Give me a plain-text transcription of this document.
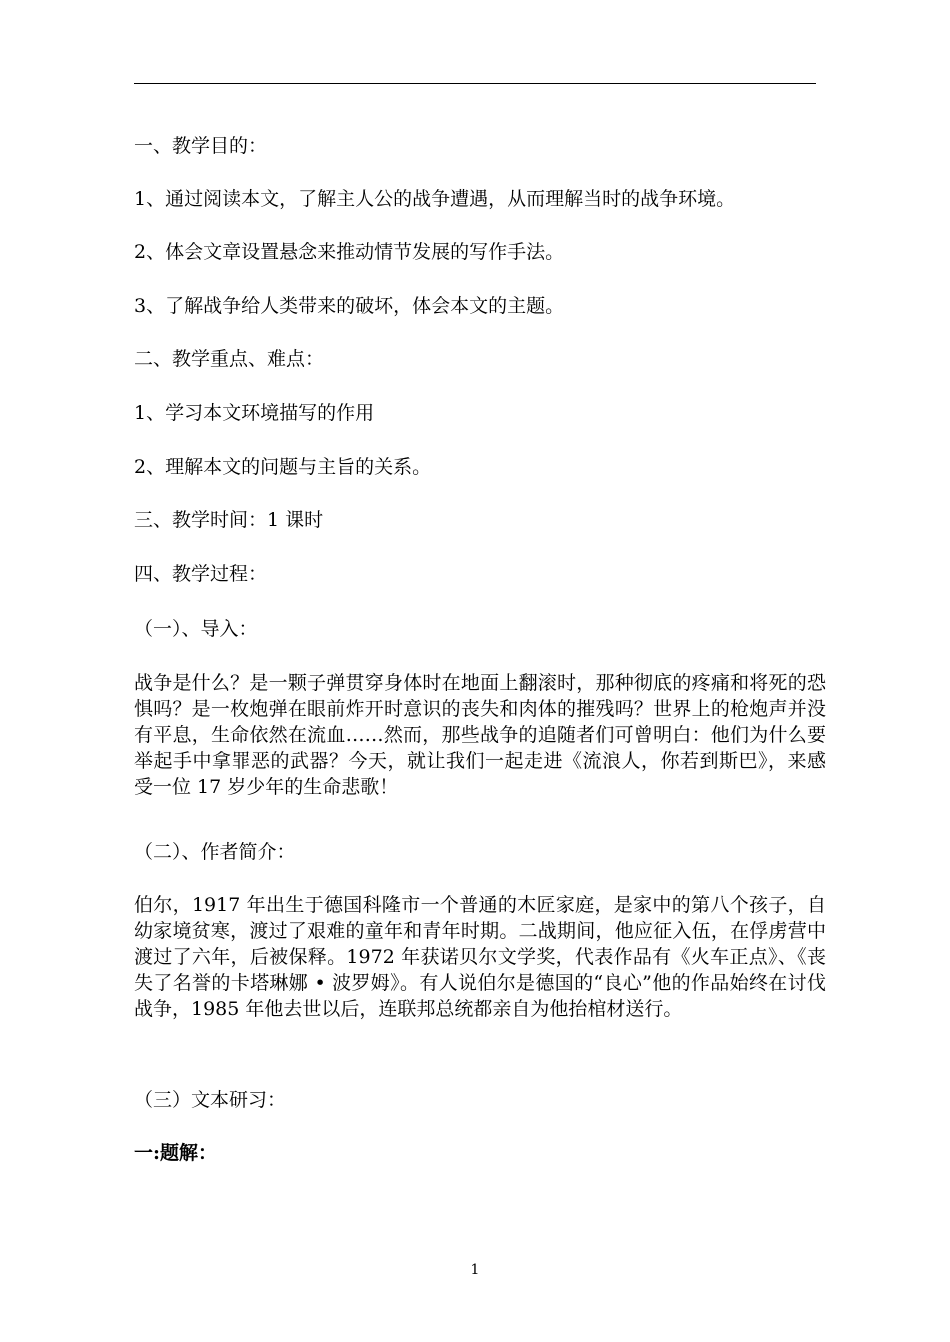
一、教学目的：
1、通过阅读本文，了解主人公的战争遭遇，从而理解当时的战争环境。
2、体会文章设置悬念来推动情节发展的写作手法。
3、了解战争给人类带来的破坏，体会本文的主题。
二、教学重点、难点：
1、学习本文环境描写的作用
2、理解本文的问题与主旨的关系。
三、教学时间：1 课时
四、教学过程：
（一）、导入：
战争是什么？是一颗子弹贯穿身体时在地面上翻滚时，那种彻底的疼痛和将死的恐惧吗？是一枚炮弹在眼前炸开时意识的丧失和肉体的摧残吗？世界上的枪炮声并没有平息，生命依然在流血……然而，那些战争的追随者们可曾明白：他们为什么要举起手中拿罪恶的武器？今天，就让我们一起走进《流浪人，你若到斯巴》，来感受一位 17 岁少年的生命悲歌！
（二）、作者简介：
伯尔，1917 年出生于德国科隆市一个普通的木匠家庭，是家中的第八个孩子，自幼家境贫寒，渡过了艰难的童年和青年时期。二战期间，他应征入伍，在俘虏营中渡过了六年，后被保释。1972 年获诺贝尔文学奖，代表作品有《火车正点》、《丧失了名誉的卡塔琳娜 • 波罗姆》。有人说伯尔是德国的“良心”他的作品始终在讨伐战争，1985 年他去世以后，连联邦总统都亲自为他抬棺材送行。
（三）文本研习：
一:题解：
1
